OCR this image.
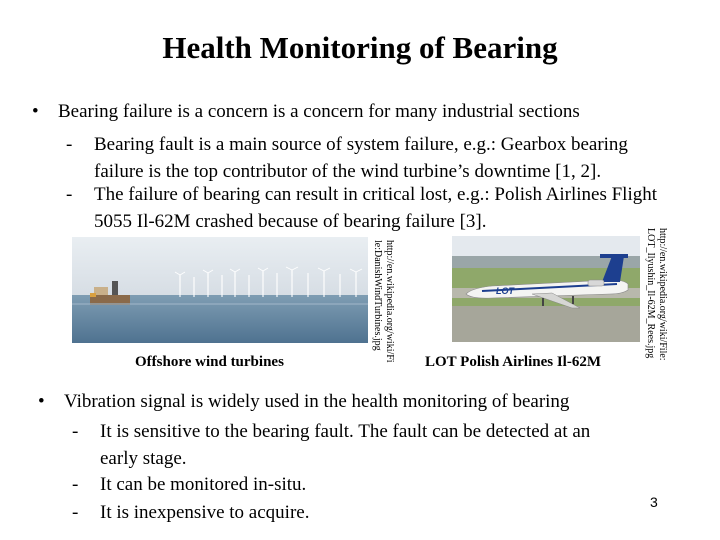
Health Monitoring of Bearing
• Bearing failure is a concern is a concern for many industrial sections
- Bearing fault is a main source of system failure, e.g.: Gearbox bearing
failure is the top contributor of the wind turbine’s downtime [1, 2].
- The failure of bearing can result in critical lost, e.g.: Polish Airlines Flight
5055 Il-62M crashed because of bearing failure [3].
Offshore wind turbines	http://en.wikipedia.org/wiki/Fi
le:DanishWindTurbines.jpg	LOT
LOT Polish Airlines Il-62M
http://en.wikipedia.org/wiki/File:
LOT_Ilyushin_Il-62M_Rees.jpg
• Vibration signal is widely used in the health monitoring of bearing
- It is sensitive to the bearing fault. The fault can be detected at an
early stage.
- It can be monitored in-situ.
- It is inexpensive to acquire.	3
